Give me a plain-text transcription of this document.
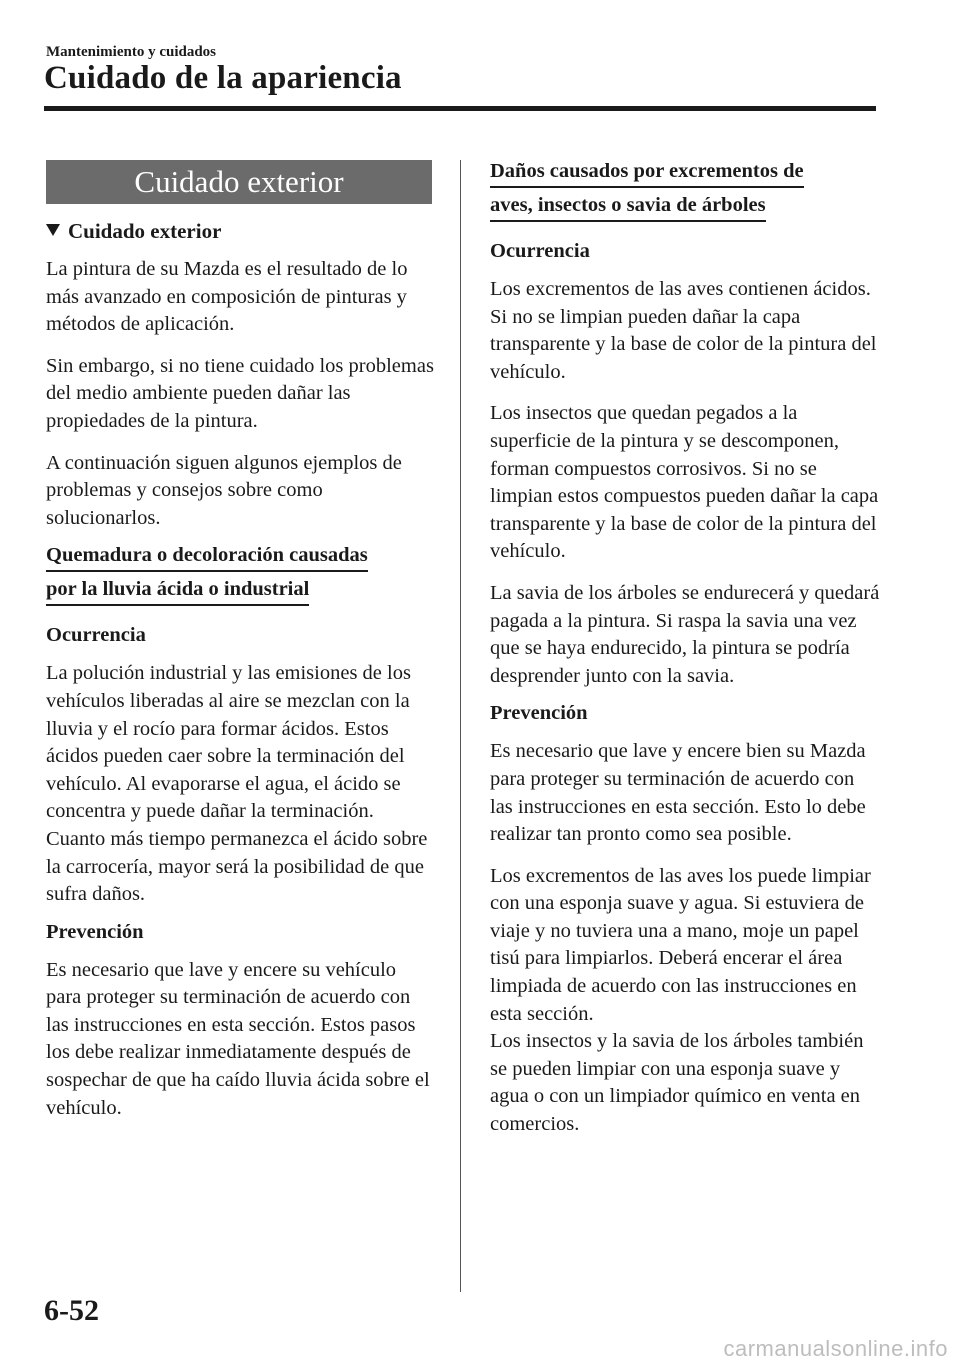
Mantenimiento y cuidados
Cuidado de la apariencia
Cuidado exterior
Cuidado exterior

La pintura de su Mazda es el resultado de lo más avanzado en composición de pinturas y métodos de aplicación.

Sin embargo, si no tiene cuidado los problemas del medio ambiente pueden dañar las propiedades de la pintura.

A continuación siguen algunos ejemplos de problemas y consejos sobre como solucionarlos.

Quemadura o decoloración causadas
por la lluvia ácida o industrial
Ocurrencia

La polución industrial y las emisiones de los vehículos liberadas al aire se mezclan con la lluvia y el rocío para formar ácidos. Estos ácidos pueden caer sobre la terminación del vehículo. Al evaporarse el agua, el ácido se concentra y puede dañar la terminación.

Cuanto más tiempo permanezca el ácido sobre la carrocería, mayor será la posibilidad de que sufra daños.

Prevención

Es necesario que lave y encere su vehículo para proteger su terminación de acuerdo con las instrucciones en esta sección. Estos pasos los debe realizar inmediatamente después de sospechar de que ha caído lluvia ácida sobre el vehículo.

Daños causados por excrementos de
aves, insectos o savia de árboles
Ocurrencia

Los excrementos de las aves contienen ácidos. Si no se limpian pueden dañar la capa transparente y la base de color de la pintura del vehículo.

Los insectos que quedan pegados a la superficie de la pintura y se descomponen, forman compuestos corrosivos. Si no se limpian estos compuestos pueden dañar la capa transparente y la base de color de la pintura del vehículo.

La savia de los árboles se endurecerá y quedará pagada a la pintura. Si raspa la savia una vez que se haya endurecido, la pintura se podría desprender junto con la savia.

Prevención

Es necesario que lave y encere bien su Mazda para proteger su terminación de acuerdo con las instrucciones en esta sección. Esto lo debe realizar tan pronto como sea posible.

Los excrementos de las aves los puede limpiar con una esponja suave y agua. Si estuviera de viaje y no tuviera una a mano, moje un papel tisú para limpiarlos. Deberá encerar el área limpiada de acuerdo con las instrucciones en esta sección.

Los insectos y la savia de los árboles también se pueden limpiar con una esponja suave y agua o con un limpiador químico en venta en comercios.

6-52
carmanualsonline.info
